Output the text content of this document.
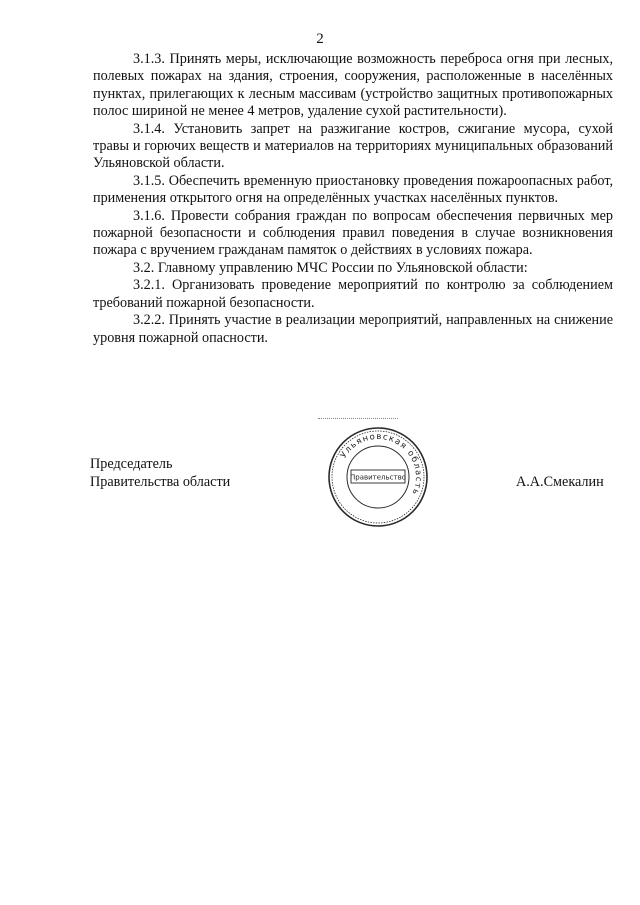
2

3.1.3. Принять меры, исключающие возможность переброса огня при лесных, полевых пожарах на здания, строения, сооружения, расположенные в населённых пунктах, прилегающих к лесным массивам (устройство защитных противопожарных полос шириной не менее 4 метров, удаление сухой растительности).

3.1.4. Установить запрет на разжигание костров, сжигание мусора, сухой травы и горючих веществ и материалов на территориях муниципальных образований Ульяновской области.

3.1.5. Обеспечить временную приостановку проведения пожароопасных работ, применения открытого огня на определённых участках населённых пунктов.

3.1.6. Провести собрания граждан по вопросам обеспечения первичных мер пожарной безопасности и соблюдения правил поведения в случае возникновения пожара с вручением гражданам памяток о действиях в условиях пожара.

3.2. Главному управлению МЧС России по Ульяновской области:

3.2.1. Организовать проведение мероприятий по контролю за соблюдением требований пожарной безопасности.

3.2.2. Принять участие в реализации мероприятий, направленных на снижение уровня пожарной опасности.

Председатель
Правительства области
Ульяновская область
Правительство	А.А.Смекалин
